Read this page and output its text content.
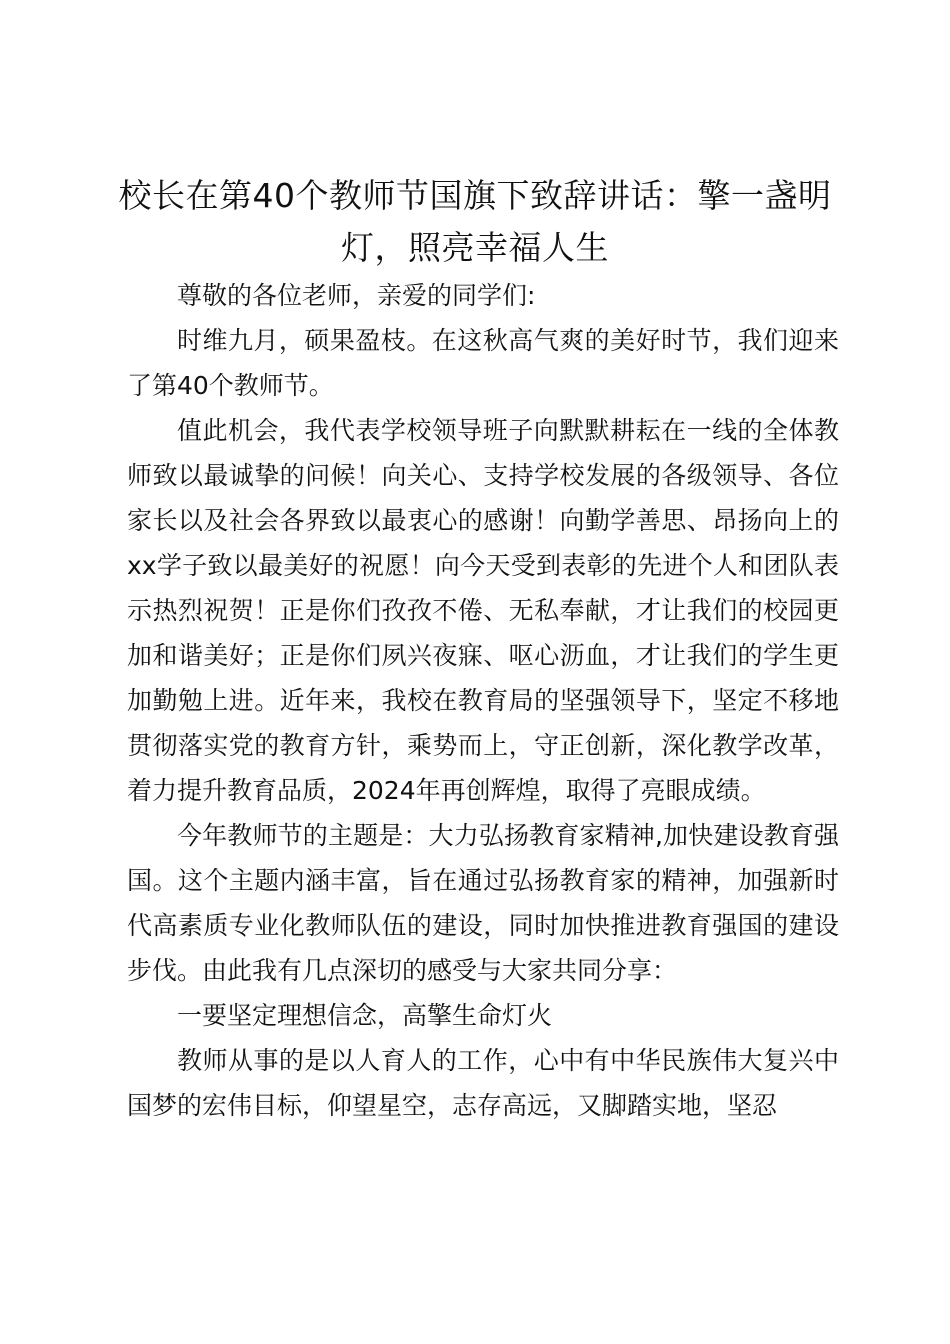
校长在第40个教师节国旗下致辞讲话：擎一盏明灯，照亮幸福人生

尊敬的各位老师，亲爱的同学们:

时维九月，硕果盈枝。在这秋高气爽的美好时节，我们迎来了第40个教师节。

值此机会，我代表学校领导班子向默默耕耘在一线的全体教师致以最诚挚的问候！向关心、支持学校发展的各级领导、各位家长以及社会各界致以最衷心的感谢！向勤学善思、昂扬向上的xx学子致以最美好的祝愿！向今天受到表彰的先进个人和团队表示热烈祝贺！正是你们孜孜不倦、无私奉献，才让我们的校园更加和谐美好；正是你们夙兴夜寐、呕心沥血，才让我们的学生更加勤勉上进。近年来，我校在教育局的坚强领导下，坚定不移地贯彻落实党的教育方针，乘势而上，守正创新，深化教学改革，着力提升教育品质，2024年再创辉煌，取得了亮眼成绩。

今年教师节的主题是：大力弘扬教育家精神,加快建设教育强国。这个主题内涵丰富，旨在通过弘扬教育家的精神，加强新时代高素质专业化教师队伍的建设，同时加快推进教育强国的建设步伐。由此我有几点深切的感受与大家共同分享：

一要坚定理想信念，高擎生命灯火

教师从事的是以人育人的工作，心中有中华民族伟大复兴中国梦的宏伟目标，仰望星空，志存高远，又脚踏实地，坚忍
